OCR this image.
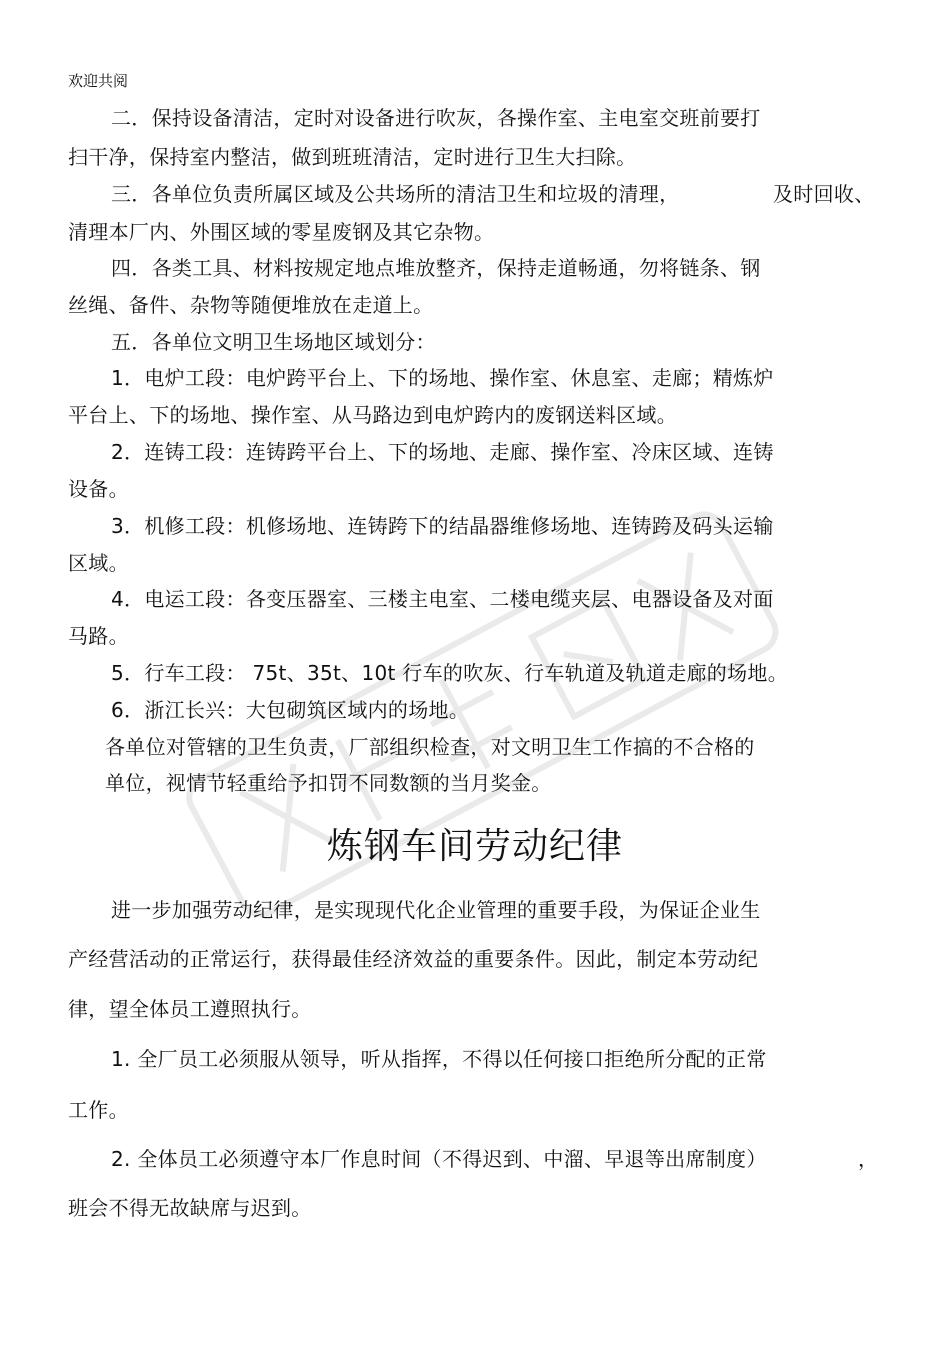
欢迎共阅
二．保持设备清洁，定时对设备进行吹灰，各操作室、主电室交班前要打
扫干净，保持室内整洁，做到班班清洁，定时进行卫生大扫除。
三．各单位负责所属区域及公共场所的清洁卫生和垃圾的清理，	及时回收、
清理本厂内、外围区域的零星废钢及其它杂物。
四．各类工具、材料按规定地点堆放整齐，保持走道畅通，勿将链条、钢
丝绳、备件、杂物等随便堆放在走道上。
五．各单位文明卫生场地区域划分：
1．电炉工段：电炉跨平台上、下的场地、操作室、休息室、走廊；精炼炉
平台上、下的场地、操作室、从马路边到电炉跨内的废钢送料区域。
2．连铸工段：连铸跨平台上、下的场地、走廊、操作室、冷床区域、连铸
设备。
3．机修工段：机修场地、连铸跨下的结晶器维修场地、连铸跨及码头运输
区域。
4．电运工段：各变压器室、三楼主电室、二楼电缆夹层、电器设备及对面
马路。
5．行车工段： 75t、35t、10t 行车的吹灰、行车轨道及轨道走廊的场地。
6．浙江长兴：大包砌筑区域内的场地。
各单位对管辖的卫生负责，厂部组织检查，对文明卫生工作搞的不合格的
单位，视情节轻重给予扣罚不同数额的当月奖金。
炼钢车间劳动纪律
进一步加强劳动纪律，是实现现代化企业管理的重要手段，为保证企业生
产经营活动的正常运行，获得最佳经济效益的重要条件。因此，制定本劳动纪
律，望全体员工遵照执行。
1. 全厂员工必须服从领导，听从指挥，不得以任何接口拒绝所分配的正常
工作。
2. 全体员工必须遵守本厂作息时间（不得迟到、中溜、早退等出席制度）	，
班会不得无故缺席与迟到。
